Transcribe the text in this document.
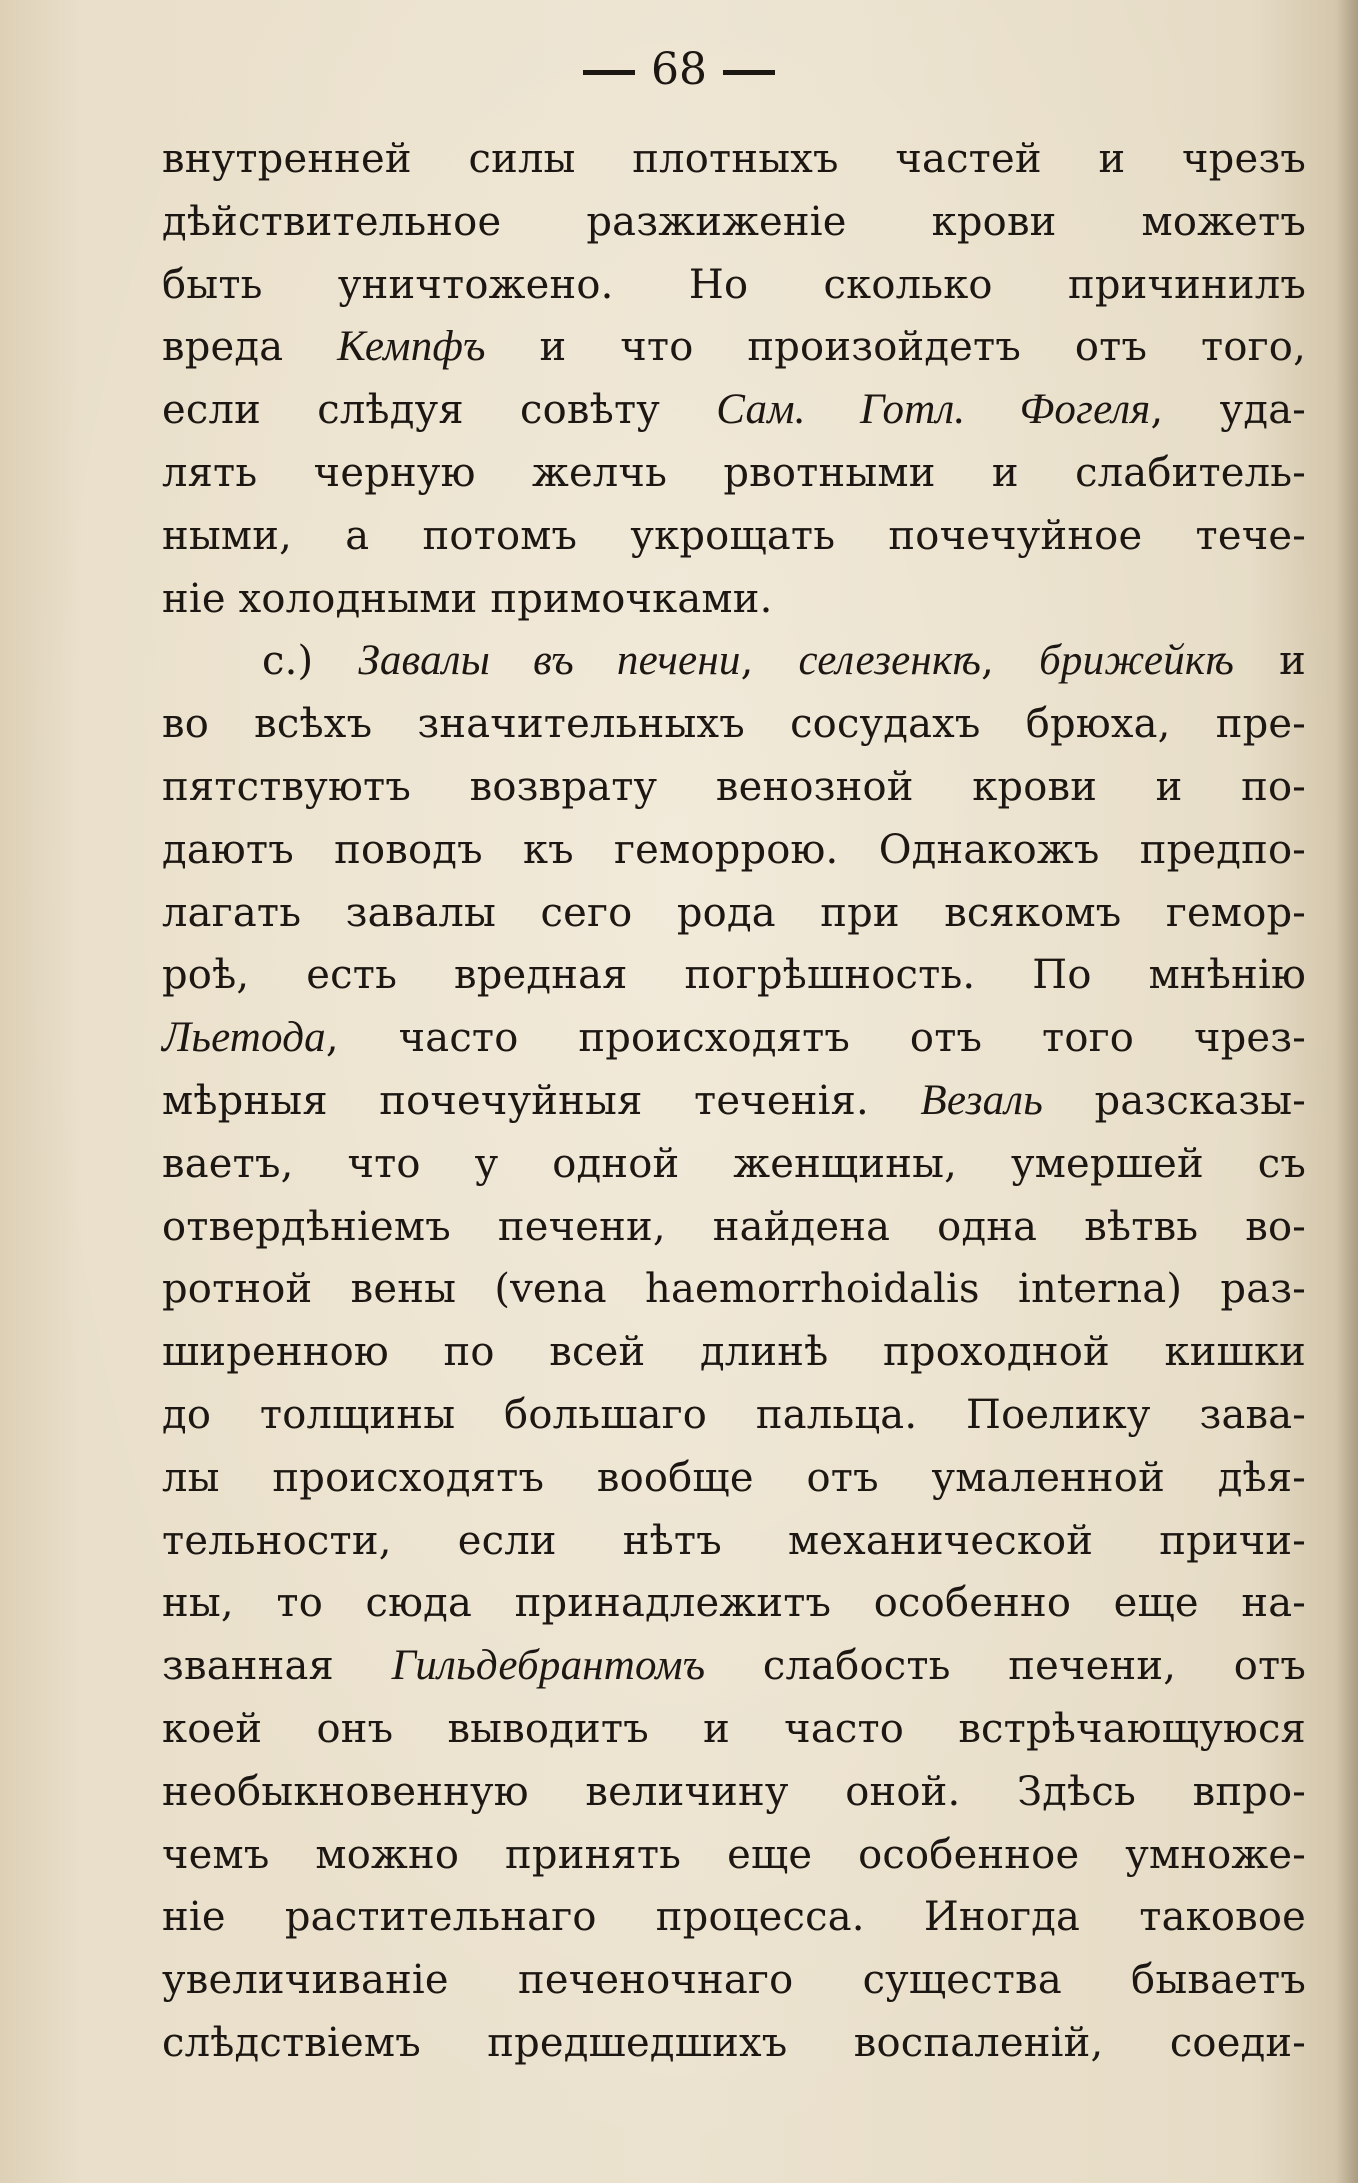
68
внутренней силы плотныхъ частей и чрезъ
дѣйствительное разжиженіе крови можетъ
быть уничтожено. Но сколько причинилъ
вреда Кемпфъ и что произойдетъ отъ того,
если слѣдуя совѣту Сам. Готл. Фогеля, уда-
лять черную желчь рвотными и слабитель-
ными, а потомъ укрощать почечуйное тече-
ніе холодными примочками.
c.) Завалы въ печени, селезенкѣ, брижейкѣ и
во всѣхъ значительныхъ сосудахъ брюха, пре-
пятствуютъ возврату венозной крови и по-
даютъ поводъ къ геморрою. Однакожъ предпо-
лагать завалы сего рода при всякомъ гемор-
роѣ, есть вредная погрѣшность. По мнѣнію
Льетода, часто происходятъ отъ того чрез-
мѣрныя почечуйныя теченія. Везаль разсказы-
ваетъ, что у одной женщины, умершей съ
отвердѣніемъ печени, найдена одна вѣтвь во-
ротной вены (vena haemorrhoidalis interna) раз-
ширенною по всей длинѣ проходной кишки
до толщины большаго пальца. Поелику зава-
лы происходятъ вообще отъ умаленной дѣя-
тельности, если нѣтъ механической причи-
ны, то сюда принадлежитъ особенно еще на-
званная Гильдебрантомъ слабость печени, отъ
коей онъ выводитъ и часто встрѣчающуюся
необыкновенную величину оной. Здѣсь впро-
чемъ можно принять еще особенное умноже-
ніе растительнаго процесса. Иногда таковое
увеличиваніе печеночнаго существа бываетъ
слѣдствіемъ предшедшихъ воспаленій, соеди-
